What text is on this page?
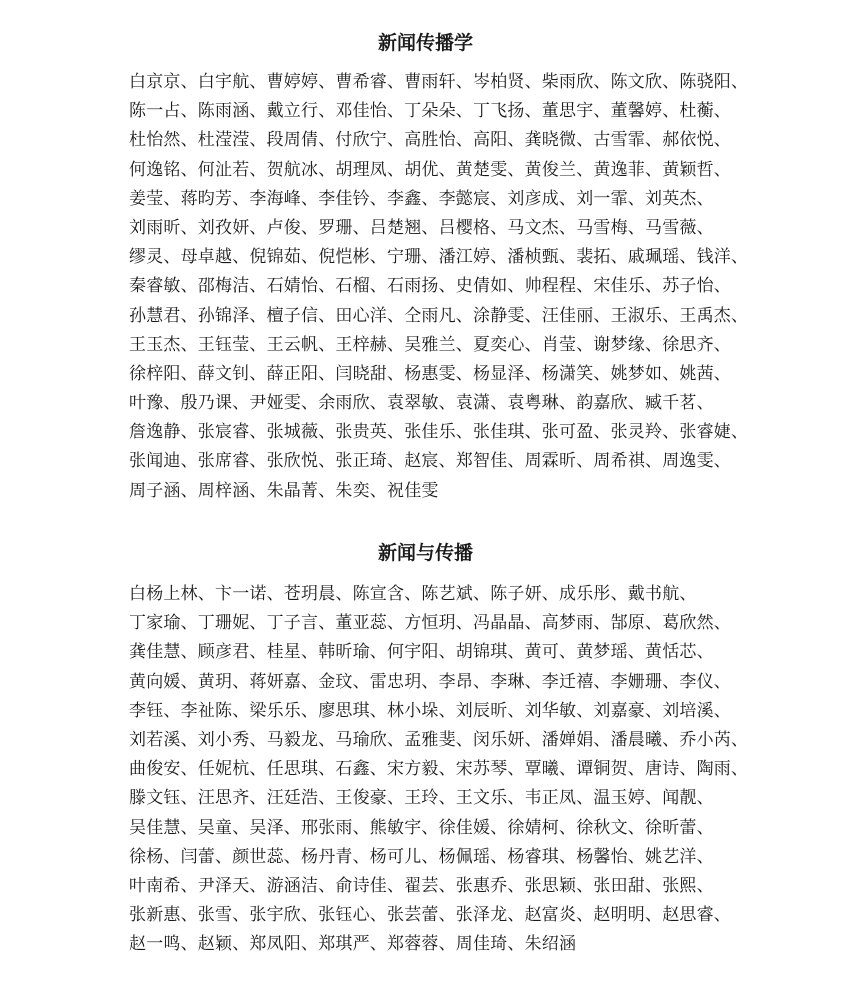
新闻传播学
白京京、白宇航、曹婷婷、曹希睿、曹雨轩、岑柏贤、柴雨欣、陈文欣、陈骁阳、
陈一占、陈雨涵、戴立行、邓佳怡、丁朵朵、丁飞扬、董思宇、董馨婷、杜蘅、
杜怡然、杜滢滢、段周倩、付欣宁、高胜怡、高阳、龚晓微、古雪霏、郝依悦、
何逸铭、何沚若、贺航冰、胡理凤、胡优、黄楚雯、黄俊兰、黄逸菲、黄颖哲、
姜莹、蒋昀芳、李海峰、李佳钤、李鑫、李懿宸、刘彦成、刘一霏、刘英杰、
刘雨昕、刘孜妍、卢俊、罗珊、吕楚翘、吕樱格、马文杰、马雪梅、马雪薇、
缪灵、母卓越、倪锦茹、倪恺彬、宁珊、潘江婷、潘桢甄、裴拓、戚珮瑶、钱洋、
秦睿敏、邵梅洁、石婧怡、石榴、石雨扬、史倩如、帅程程、宋佳乐、苏子怡、
孙慧君、孙锦泽、檀子信、田心洋、仝雨凡、涂静雯、汪佳丽、王淑乐、王禹杰、
王玉杰、王钰莹、王云帆、王梓赫、吴雅兰、夏奕心、肖莹、谢梦缘、徐思齐、
徐梓阳、薛文钊、薛正阳、闫晓甜、杨惠雯、杨显泽、杨潇笑、姚梦如、姚茜、
叶豫、殷乃课、尹娅雯、余雨欣、袁翠敏、袁潇、袁粤琳、韵嘉欣、臧千茗、
詹逸静、张宸睿、张城薇、张贵英、张佳乐、张佳琪、张可盈、张灵羚、张睿婕、
张闻迪、张席睿、张欣悦、张正琦、赵宸、郑智佳、周霖昕、周希祺、周逸雯、
周子涵、周梓涵、朱晶菁、朱奕、祝佳雯
新闻与传播
白杨上林、卞一诺、苍玥晨、陈宣含、陈艺斌、陈子妍、成乐彤、戴书航、
丁家瑜、丁珊妮、丁子言、董亚蕊、方恒玥、冯晶晶、高梦雨、郜原、葛欣然、
龚佳慧、顾彦君、桂星、韩昕瑜、何宇阳、胡锦琪、黄可、黄梦瑶、黄恬芯、
黄向媛、黄玥、蒋妍嘉、金玟、雷忠玥、李昂、李琳、李迁禧、李姗珊、李仪、
李钰、李祉陈、梁乐乐、廖思琪、林小垛、刘辰昕、刘华敏、刘嘉豪、刘培溪、
刘若溪、刘小秀、马毅龙、马瑜欣、孟雅斐、闵乐妍、潘婵娟、潘晨曦、乔小芮、
曲俊安、任妮杭、任思琪、石鑫、宋方毅、宋苏琴、覃曦、谭铜贺、唐诗、陶雨、
滕文钰、汪思齐、汪廷浩、王俊豪、王玲、王文乐、韦正凤、温玉婷、闻靓、
吴佳慧、吴童、吴泽、邢张雨、熊敏宇、徐佳媛、徐婧柯、徐秋文、徐昕蕾、
徐杨、闫蕾、颜世蕊、杨丹青、杨可儿、杨佩瑶、杨睿琪、杨馨怡、姚艺洋、
叶南希、尹泽天、游涵洁、俞诗佳、翟芸、张惠乔、张思颖、张田甜、张熙、
张新惠、张雪、张宇欣、张钰心、张芸蕾、张泽龙、赵富炎、赵明明、赵思睿、
赵一鸣、赵颖、郑凤阳、郑琪严、郑蓉蓉、周佳琦、朱绍涵
